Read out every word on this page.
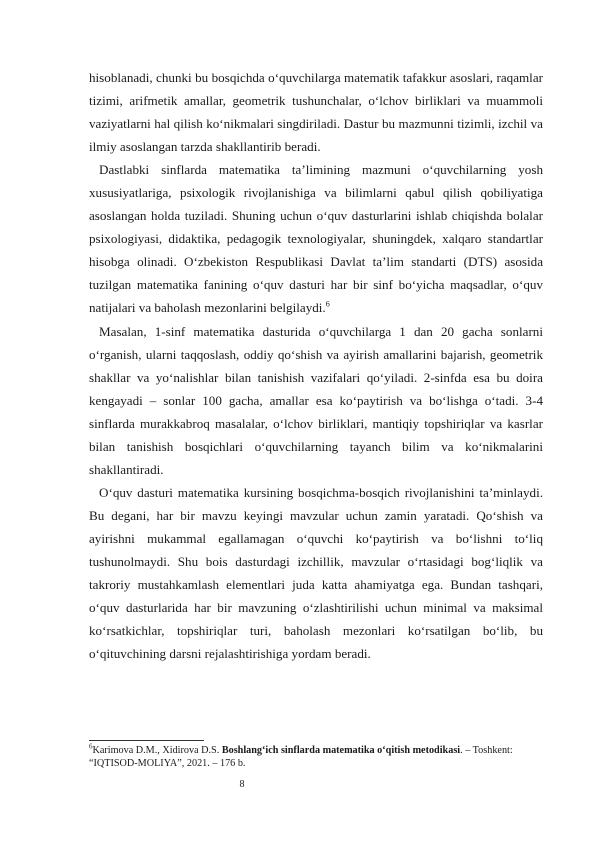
hisoblanadi, chunki bu bosqichda o‘quvchilarga matematik tafakkur asoslari, raqamlar tizimi, arifmetik amallar, geometrik tushunchalar, o‘lchov birliklari va muammoli vaziyatlarni hal qilish ko‘nikmalari singdiriladi. Dastur bu mazmunni tizimli, izchil va ilmiy asoslangan tarzda shakllantirib beradi.

Dastlabki sinflarda matematika ta’limining mazmuni o‘quvchilarning yosh xususiyatlariga, psixologik rivojlanishiga va bilimlarni qabul qilish qobiliyatiga asoslangan holda tuziladi. Shuning uchun o‘quv dasturlarini ishlab chiqishda bolalar psixologiyasi, didaktika, pedagogik texnologiyalar, shuningdek, xalqaro standartlar hisobga olinadi. O‘zbekiston Respublikasi Davlat ta’lim standarti (DTS) asosida tuzilgan matematika fanining o‘quv dasturi har bir sinf bo‘yicha maqsadlar, o‘quv natijalari va baholash mezonlarini belgilaydi.$^6$

Masalan, 1-sinf matematika dasturida o‘quvchilarga 1 dan 20 gacha sonlarni o‘rganish, ularni taqqoslash, oddiy qo‘shish va ayirish amallarini bajarish, geometrik shakllar va yo‘nalishlar bilan tanishish vazifalari qo‘yiladi. 2-sinfda esa bu doira kengayadi – sonlar 100 gacha, amallar esa ko‘paytirish va bo‘lishga o‘tadi. 3-4 sinflarda murakkabroq masalalar, o‘lchov birliklari, mantiqiy topshiriqlar va kasrlar bilan tanishish bosqichlari o‘quvchilarning tayanch bilim va ko‘nikmalarini shakllantiradi.

O‘quv dasturi matematika kursining bosqichma-bosqich rivojlanishini ta’minlaydi. Bu degani, har bir mavzu keyingi mavzular uchun zamin yaratadi. Qo‘shish va ayirishni mukammal egallamagan o‘quvchi ko‘paytirish va bo‘lishni to‘liq tushunolmaydi. Shu bois dasturdagi izchillik, mavzular o‘rtasidagi bog‘liqlik va takroriy mustahkamlash elementlari juda katta ahamiyatga ega. Bundan tashqari, o‘quv dasturlarida har bir mavzuning o‘zlashtirilishi uchun minimal va maksimal ko‘rsatkichlar, topshiriqlar turi, baholash mezonlari ko‘rsatilgan bo‘lib, bu o‘qituvchining darsni rejalashtirishiga yordam beradi.

$^6$Karimova D.M., Xidirova D.S. Boshlang‘ich sinflarda matematika o‘qitish metodikasi. – Toshkent: “IQTISOD-MOLIYA”, 2021. – 176 b.
8
